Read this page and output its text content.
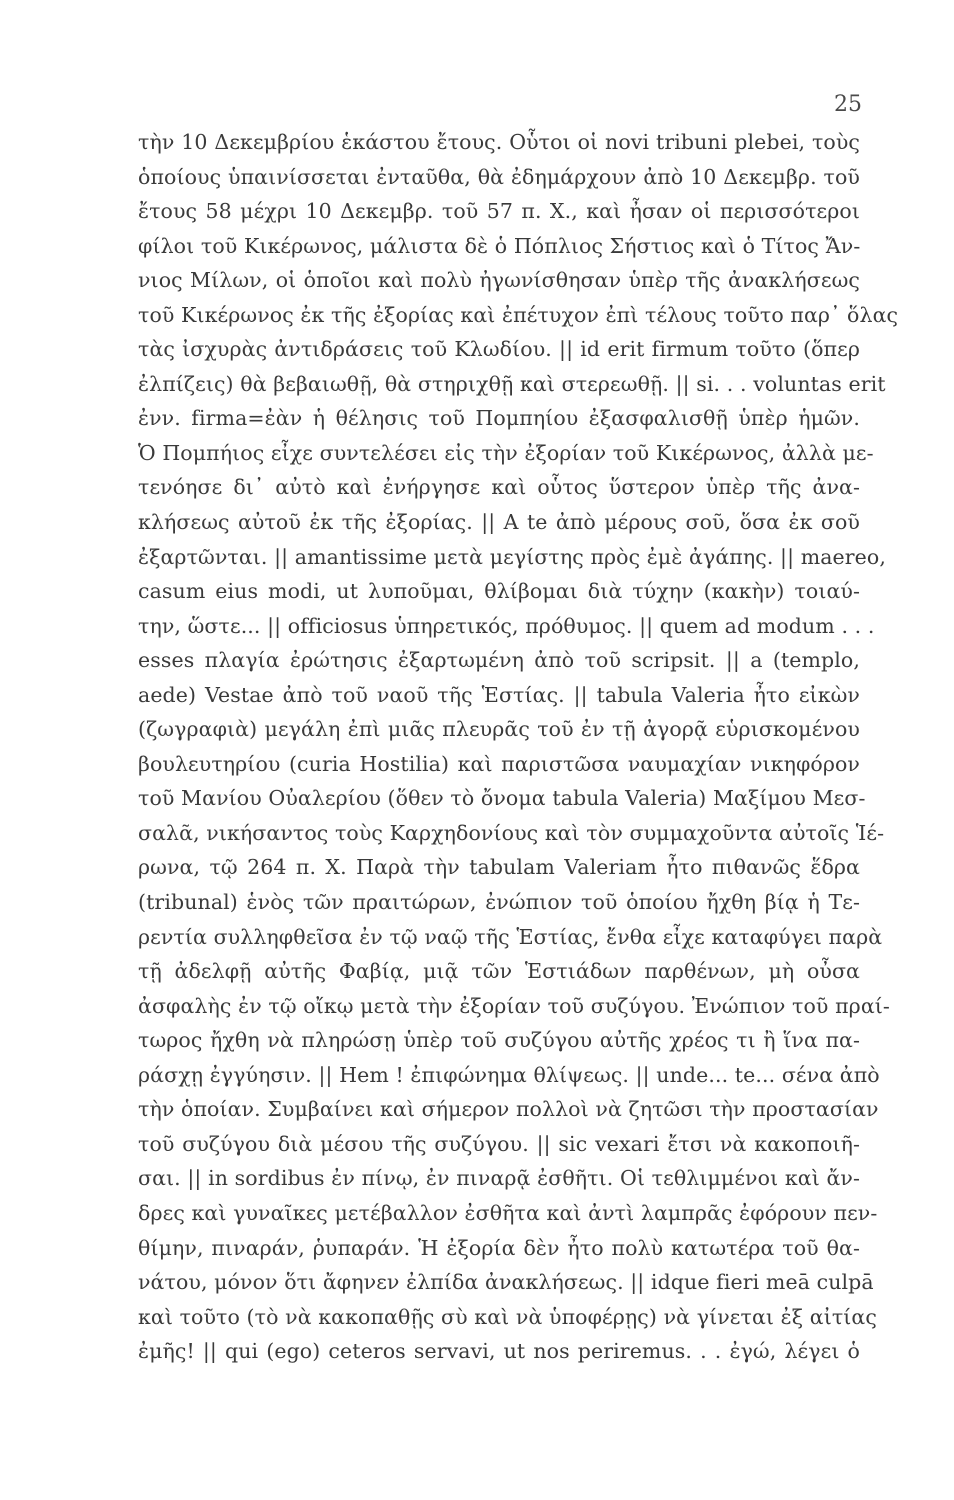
25
τὴν 10 Δεκεμβρίου ἑκάστου ἔτους. Οὗτοι οἱ novi tribuni plebei, τοὺς
ὁποίους ὑπαινίσσεται ἐνταῦθα, θὰ ἐδημάρχουν ἀπὸ 10 Δεκεμβρ. τοῦ
ἔτους 58 μέχρι 10 Δεκεμβρ. τοῦ 57 π. Χ., καὶ ἦσαν οἱ περισσότεροι
φίλοι τοῦ Κικέρωνος, μάλιστα δὲ ὁ Πόπλιος Σήστιος καὶ ὁ Τίτος Ἄν-
νιος Μίλων, οἱ ὁποῖοι καὶ πολὺ ἠγωνίσθησαν ὑπὲρ τῆς ἀνακλήσεως
τοῦ Κικέρωνος ἐκ τῆς ἐξορίας καὶ ἐπέτυχον ἐπὶ τέλους τοῦτο παρ᾽ ὅλας
τὰς ἰσχυρὰς ἀντιδράσεις τοῦ Κλωδίου. || id erit firmum τοῦτο (ὅπερ
ἐλπίζεις) θὰ βεβαιωθῇ, θὰ στηριχθῇ καὶ στερεωθῇ. || si. . . voluntas erit
ἐνν. firma=ἐὰν ἡ θέλησις τοῦ Πομπηίου ἐξασφαλισθῇ ὑπὲρ ἡμῶν.
Ὁ Πομπήιος εἶχε συντελέσει εἰς τὴν ἐξορίαν τοῦ Κικέρωνος, ἀλλὰ με-
τενόησε δι᾽ αὐτὸ καὶ ἐνήργησε καὶ οὗτος ὕστερον ὑπὲρ τῆς ἀνα-
κλήσεως αὐτοῦ ἐκ τῆς ἐξορίας. || A te ἀπὸ μέρους σοῦ, ὅσα ἐκ σοῦ
ἐξαρτῶνται. || amantissime μετὰ μεγίστης πρὸς ἐμὲ ἀγάπης. || maereo,
casum eius modi, ut λυποῦμαι, θλίβομαι διὰ τύχην (κακὴν) τοιαύ-
την, ὥστε... || officiosus ὑπηρετικός, πρόθυμος. || quem ad modum . . .
esses πλαγία ἐρώτησις ἐξαρτωμένη ἀπὸ τοῦ scripsit. || a (templo,
aede) Vestae ἀπὸ τοῦ ναοῦ τῆς Ἑστίας. || tabula Valeria ἦτο εἰκὼν
(ζωγραφιὰ) μεγάλη ἐπὶ μιᾶς πλευρᾶς τοῦ ἐν τῇ ἀγορᾷ εὑρισκομένου
βουλευτηρίου (curia Hostilia) καὶ παριστῶσα ναυμαχίαν νικηφόρον
τοῦ Μανίου Οὐαλερίου (ὅθεν τὸ ὄνομα tabula Valeria) Μαξίμου Μεσ-
σαλᾶ, νικήσαντος τοὺς Καρχηδονίους καὶ τὸν συμμαχοῦντα αὐτοῖς Ἱέ-
ρωνα, τῷ 264 π. Χ. Παρὰ τὴν tabulam Valeriam ἦτο πιθανῶς ἕδρα
(tribunal) ἑνὸς τῶν πραιτώρων, ἐνώπιον τοῦ ὁποίου ἤχθη βίᾳ ἡ Τε-
ρεντία συλληφθεῖσα ἐν τῷ ναῷ τῆς Ἑστίας, ἔνθα εἶχε καταφύγει παρὰ
τῇ ἀδελφῇ αὐτῆς Φαβίᾳ, μιᾷ τῶν Ἑστιάδων παρθένων, μὴ οὖσα
ἀσφαλὴς ἐν τῷ οἴκῳ μετὰ τὴν ἐξορίαν τοῦ συζύγου. Ἐνώπιον τοῦ πραί-
τωρος ἤχθη νὰ πληρώσῃ ὑπὲρ τοῦ συζύγου αὐτῆς χρέος τι ἢ ἵνα πα-
ράσχῃ ἐγγύησιν. || Hem ! ἐπιφώνημα θλίψεως. || unde... te... σένα ἀπὸ
τὴν ὁποίαν. Συμβαίνει καὶ σήμερον πολλοὶ νὰ ζητῶσι τὴν προστασίαν
τοῦ συζύγου διὰ μέσου τῆς συζύγου. || sic vexari ἔτσι νὰ κακοποιῆ-
σαι. || in sordibus ἐν πίνῳ, ἐν πιναρᾷ ἐσθῆτι. Οἱ τεθλιμμένοι καὶ ἄν-
δρες καὶ γυναῖκες μετέβαλλον ἐσθῆτα καὶ ἀντὶ λαμπρᾶς ἐφόρουν πεν-
θίμην, πιναράν, ῥυπαράν. Ἡ ἐξορία δὲν ἦτο πολὺ κατωτέρα τοῦ θα-
νάτου, μόνον ὅτι ἄφηνεν ἐλπίδα ἀνακλήσεως. || idque fieri meā culpā
καὶ τοῦτο (τὸ νὰ κακοπαθῇς σὺ καὶ νὰ ὑποφέρῃς) νὰ γίνεται ἐξ αἰτίας
ἐμῆς! || qui (ego) ceteros servavi, ut nos periremus. . . ἐγώ, λέγει ὁ
